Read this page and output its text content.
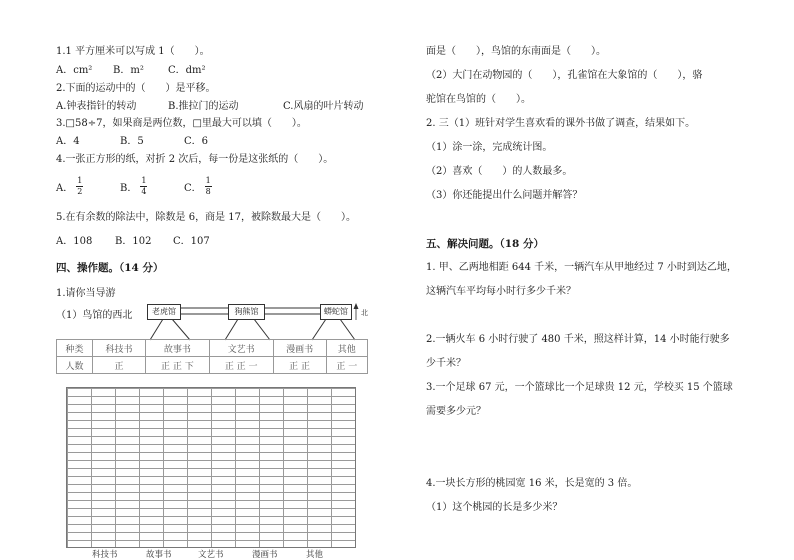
1.1 平方厘米可以写成 1（　　）。
A．cm² B．m² C．dm²
2.下面的运动中的（　　）是平移。
A.钟表指针的转动	B.推拉门的运动	C.风扇的叶片转动
3.□58÷7，如果商是两位数，□里最大可以填（　　）。
A．4	B．5	C．6
4.一张正方形的纸，对折 2 次后，每一份是这张纸的（　　）。
A．
1
2	B．
1
4	C．
1
8
5.在有余数的除法中，除数是 6，商是 17，被除数最大是（　　）。
A．108 B．102 C．107
四、操作题。（14 分）
1.请你当导游
（1）鸟馆的西北	老虎馆	狗熊馆	蟒蛇馆	北
种类	科技书	故事书	文艺书	漫画书	其他
人数	正	正 正 下	正 正 一	正 正	正 一
科技书	故事书	文艺书	漫画书	其他
面是（　　），鸟馆的东南面是（　　）。
（2）大门在动物园的（　　），孔雀馆在大象馆的（　　），骆
驼馆在鸟馆的（　　）。
2. 三（1）班针对学生喜欢看的课外书做了调查，结果如下。
（1）涂一涂，完成统计图。
（2）喜欢（　　）的人数最多。
（3）你还能提出什么问题并解答？
五、解决问题。（18 分）
1. 甲、乙两地相距 644 千米，一辆汽车从甲地经过 7 小时到达乙地，
这辆汽车平均每小时行多少千米？
2.一辆火车 6 小时行驶了 480 千米，照这样计算，14 小时能行驶多
少千米？
3.一个足球 67 元，一个篮球比一个足球贵 12 元，学校买 15 个篮球
需要多少元？
4.一块长方形的桃园宽 16 米，长是宽的 3 倍。
（1）这个桃园的长是多少米？
